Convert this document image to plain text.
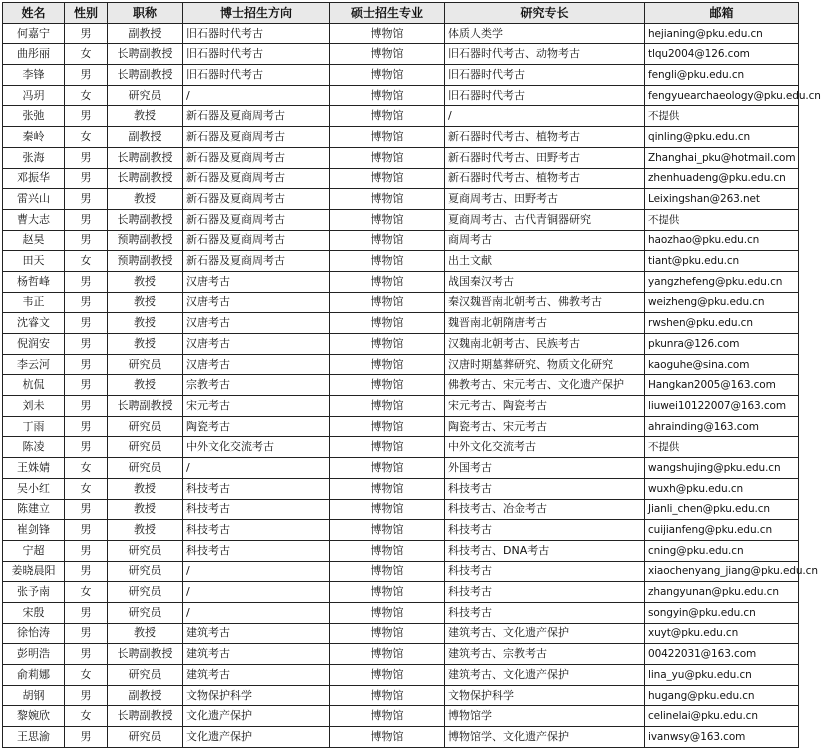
姓名	性别	职称	博士招生方向	硕士招生专业	研究专长	邮箱
何嘉宁	男	副教授	旧石器时代考古	博物馆	体质人类学	hejianing@pku.edu.cn
曲彤丽	女	长聘副教授	旧石器时代考古	博物馆	旧石器时代考古、动物考古	tlqu2004@126.com
李锋	男	长聘副教授	旧石器时代考古	博物馆	旧石器时代考古	fengli@pku.edu.cn
冯玥	女	研究员	/	博物馆	旧石器时代考古	fengyuearchaeology@pku.edu.cn
张弛	男	教授	新石器及夏商周考古	博物馆	/	不提供
秦岭	女	副教授	新石器及夏商周考古	博物馆	新石器时代考古、植物考古	qinling@pku.edu.cn
张海	男	长聘副教授	新石器及夏商周考古	博物馆	新石器时代考古、田野考古	Zhanghai_pku@hotmail.com
邓振华	男	长聘副教授	新石器及夏商周考古	博物馆	新石器时代考古、植物考古	zhenhuadeng@pku.edu.cn
雷兴山	男	教授	新石器及夏商周考古	博物馆	夏商周考古、田野考古	Leixingshan@263.net
曹大志	男	长聘副教授	新石器及夏商周考古	博物馆	夏商周考古、古代青铜器研究	不提供
赵昊	男	预聘副教授	新石器及夏商周考古	博物馆	商周考古	haozhao@pku.edu.cn
田天	女	预聘副教授	新石器及夏商周考古	博物馆	出土文献	tiant@pku.edu.cn
杨哲峰	男	教授	汉唐考古	博物馆	战国秦汉考古	yangzhefeng@pku.edu.cn
韦正	男	教授	汉唐考古	博物馆	秦汉魏晋南北朝考古、佛教考古	weizheng@pku.edu.cn
沈睿文	男	教授	汉唐考古	博物馆	魏晋南北朝隋唐考古	rwshen@pku.edu.cn
倪润安	男	教授	汉唐考古	博物馆	汉魏南北朝考古、民族考古	pkunra@126.com
李云河	男	研究员	汉唐考古	博物馆	汉唐时期墓葬研究、物质文化研究	kaoguhe@sina.com
杭侃	男	教授	宗教考古	博物馆	佛教考古、宋元考古、文化遗产保护	Hangkan2005@163.com
刘未	男	长聘副教授	宋元考古	博物馆	宋元考古、陶瓷考古	liuwei10122007@163.com
丁雨	男	研究员	陶瓷考古	博物馆	陶瓷考古、宋元考古	ahrainding@163.com
陈凌	男	研究员	中外文化交流考古	博物馆	中外文化交流考古	不提供
王姝婧	女	研究员	/	博物馆	外国考古	wangshujing@pku.edu.cn
吴小红	女	教授	科技考古	博物馆	科技考古	wuxh@pku.edu.cn
陈建立	男	教授	科技考古	博物馆	科技考古、冶金考古	Jianli_chen@pku.edu.cn
崔剑锋	男	教授	科技考古	博物馆	科技考古	cuijianfeng@pku.edu.cn
宁超	男	研究员	科技考古	博物馆	科技考古、DNA考古	cning@pku.edu.cn
姜晓晨阳	男	研究员	/	博物馆	科技考古	xiaochenyang_jiang@pku.edu.cn
张予南	女	研究员	/	博物馆	科技考古	zhangyunan@pku.edu.cn
宋殷	男	研究员	/	博物馆	科技考古	songyin@pku.edu.cn
徐怡涛	男	教授	建筑考古	博物馆	建筑考古、文化遗产保护	xuyt@pku.edu.cn
彭明浩	男	长聘副教授	建筑考古	博物馆	建筑考古、宗教考古	00422031@163.com
俞莉娜	女	研究员	建筑考古	博物馆	建筑考古、文化遗产保护	lina_yu@pku.edu.cn
胡钢	男	副教授	文物保护科学	博物馆	文物保护科学	hugang@pku.edu.cn
黎婉欣	女	长聘副教授	文化遗产保护	博物馆	博物馆学	celinelai@pku.edu.cn
王思渝	男	研究员	文化遗产保护	博物馆	博物馆学、文化遗产保护	ivanwsy@163.com
